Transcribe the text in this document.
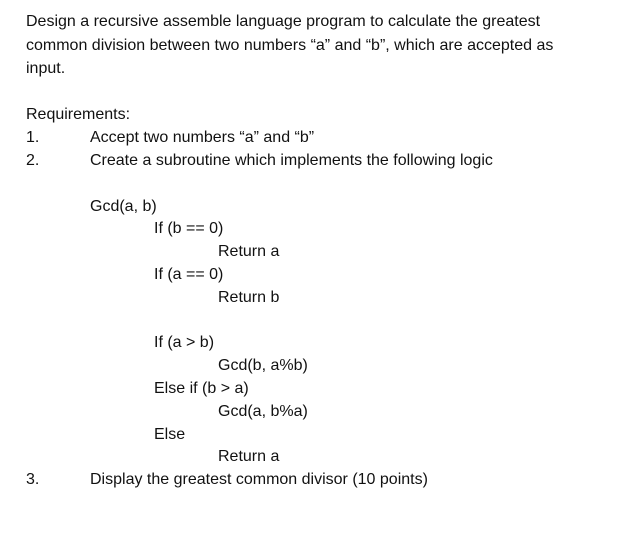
Design a recursive assemble language program to calculate the greatest
common division between two numbers “a” and “b”, which are accepted as
input.
Requirements:
1.	Accept two numbers “a” and “b”
2.	Create a subroutine which implements the following logic
Gcd(a, b)
If (b == 0)
Return a
If (a == 0)
Return b
If (a > b)
Gcd(b, a%b)
Else if (b > a)
Gcd(a, b%a)
Else
Return a
3.	Display the greatest common divisor (10 points)
